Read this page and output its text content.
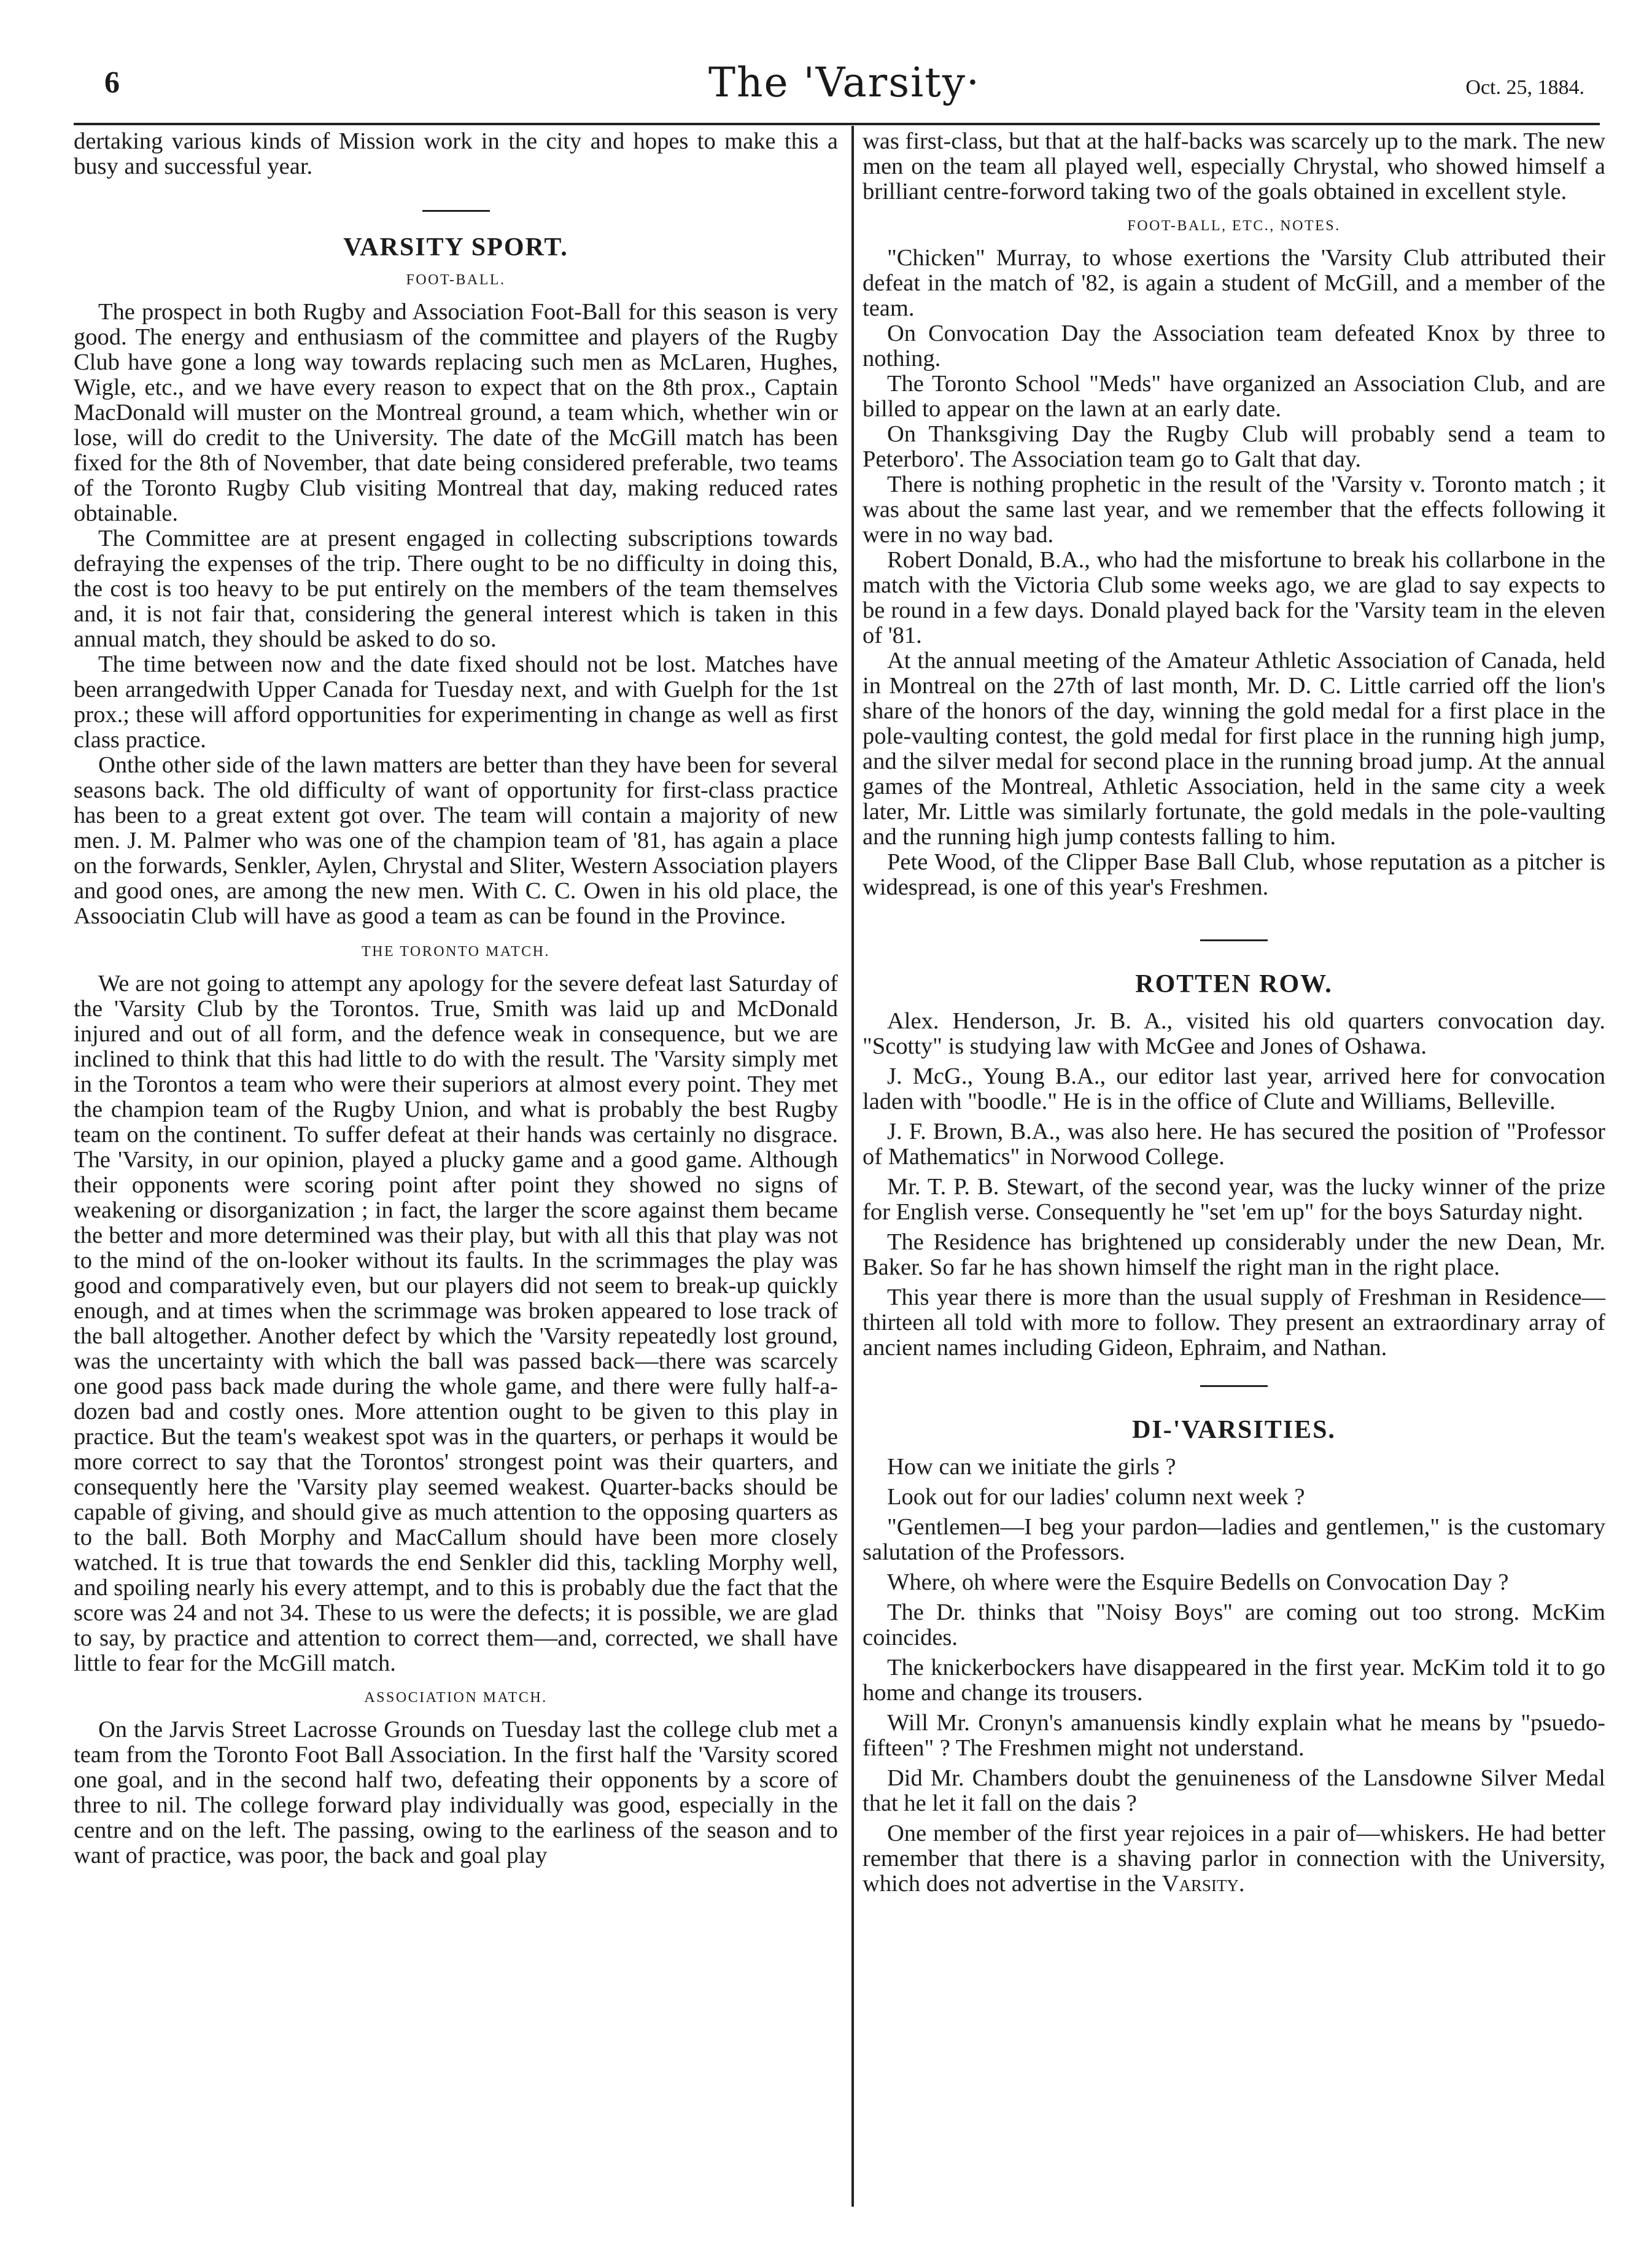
6	The 'Varsity·	Oct. 25, 1884.

dertaking various kinds of Mission work in the city and hopes to make this a busy and successful year.

VARSITY SPORT.
FOOT-BALL.

The prospect in both Rugby and Association Foot-Ball for this season is very good. The energy and enthusiasm of the committee and players of the Rugby Club have gone a long way towards replacing such men as McLaren, Hughes, Wigle, etc., and we have every reason to expect that on the 8th prox., Captain MacDonald will muster on the Montreal ground, a team which, whether win or lose, will do credit to the University. The date of the McGill match has been fixed for the 8th of November, that date being considered preferable, two teams of the Toronto Rugby Club visiting Montreal that day, making reduced rates obtainable.

The Committee are at present engaged in collecting subscriptions towards defraying the expenses of the trip. There ought to be no difficulty in doing this, the cost is too heavy to be put entirely on the members of the team themselves and, it is not fair that, considering the general interest which is taken in this annual match, they should be asked to do so.

The time between now and the date fixed should not be lost. Matches have been arrangedwith Upper Canada for Tuesday next, and with Guelph for the 1st prox.; these will afford opportunities for experimenting in change as well as first class practice.

Onthe other side of the lawn matters are better than they have been for several seasons back. The old difficulty of want of opportunity for first-class practice has been to a great extent got over. The team will contain a majority of new men. J. M. Palmer who was one of the champion team of '81, has again a place on the forwards, Senkler, Aylen, Chrystal and Sliter, Western Association players and good ones, are among the new men. With C. C. Owen in his old place, the Assoociatin Club will have as good a team as can be found in the Province.

THE TORONTO MATCH.

We are not going to attempt any apology for the severe defeat last Saturday of the 'Varsity Club by the Torontos. True, Smith was laid up and McDonald injured and out of all form, and the defence weak in consequence, but we are inclined to think that this had little to do with the result. The 'Varsity simply met in the Torontos a team who were their superiors at almost every point. They met the champion team of the Rugby Union, and what is probably the best Rugby team on the continent. To suffer defeat at their hands was certainly no disgrace. The 'Varsity, in our opinion, played a plucky game and a good game. Although their opponents were scoring point after point they showed no signs of weakening or disorganization ; in fact, the larger the score against them became the better and more determined was their play, but with all this that play was not to the mind of the on-looker without its faults. In the scrimmages the play was good and comparatively even, but our players did not seem to break-up quickly enough, and at times when the scrimmage was broken appeared to lose track of the ball altogether. Another defect by which the 'Varsity repeatedly lost ground, was the uncertainty with which the ball was passed back—there was scarcely one good pass back made during the whole game, and there were fully half-a-dozen bad and costly ones. More attention ought to be given to this play in practice. But the team's weakest spot was in the quarters, or perhaps it would be more correct to say that the Torontos' strongest point was their quarters, and consequently here the 'Varsity play seemed weakest. Quarter-backs should be capable of giving, and should give as much attention to the opposing quarters as to the ball. Both Morphy and MacCallum should have been more closely watched. It is true that towards the end Senkler did this, tackling Morphy well, and spoiling nearly his every attempt, and to this is probably due the fact that the score was 24 and not 34. These to us were the defects; it is possible, we are glad to say, by practice and attention to correct them—and, corrected, we shall have little to fear for the McGill match.

ASSOCIATION MATCH.

On the Jarvis Street Lacrosse Grounds on Tuesday last the college club met a team from the Toronto Foot Ball Association. In the first half the 'Varsity scored one goal, and in the second half two, defeating their opponents by a score of three to nil. The college forward play individually was good, especially in the centre and on the left. The passing, owing to the earliness of the season and to want of practice, was poor, the back and goal play

was first-class, but that at the half-backs was scarcely up to the mark. The new men on the team all played well, especially Chrystal, who showed himself a brilliant centre-forword taking two of the goals obtained in excellent style.

FOOT-BALL, ETC., NOTES.

"Chicken" Murray, to whose exertions the 'Varsity Club attributed their defeat in the match of '82, is again a student of McGill, and a member of the team.

On Convocation Day the Association team defeated Knox by three to nothing.

The Toronto School "Meds" have organized an Association Club, and are billed to appear on the lawn at an early date.

On Thanksgiving Day the Rugby Club will probably send a team to Peterboro'. The Association team go to Galt that day.

There is nothing prophetic in the result of the 'Varsity v. Toronto match ; it was about the same last year, and we remember that the effects following it were in no way bad.

Robert Donald, B.A., who had the misfortune to break his collarbone in the match with the Victoria Club some weeks ago, we are glad to say expects to be round in a few days. Donald played back for the 'Varsity team in the eleven of '81.

At the annual meeting of the Amateur Athletic Association of Canada, held in Montreal on the 27th of last month, Mr. D. C. Little carried off the lion's share of the honors of the day, winning the gold medal for a first place in the pole-vaulting contest, the gold medal for first place in the running high jump, and the silver medal for second place in the running broad jump. At the annual games of the Montreal, Athletic Association, held in the same city a week later, Mr. Little was similarly fortunate, the gold medals in the pole-vaulting and the running high jump contests falling to him.

Pete Wood, of the Clipper Base Ball Club, whose reputation as a pitcher is widespread, is one of this year's Freshmen.

ROTTEN ROW.

Alex. Henderson, Jr. B. A., visited his old quarters convocation day. "Scotty" is studying law with McGee and Jones of Oshawa.

J. McG., Young B.A., our editor last year, arrived here for convocation laden with "boodle." He is in the office of Clute and Williams, Belleville.

J. F. Brown, B.A., was also here. He has secured the position of "Professor of Mathematics" in Norwood College.

Mr. T. P. B. Stewart, of the second year, was the lucky winner of the prize for English verse. Consequently he "set 'em up" for the boys Saturday night.

The Residence has brightened up considerably under the new Dean, Mr. Baker. So far he has shown himself the right man in the right place.

This year there is more than the usual supply of Freshman in Residence—thirteen all told with more to follow. They present an extraordinary array of ancient names including Gideon, Ephraim, and Nathan.

DI-'VARSITIES.

How can we initiate the girls ?

Look out for our ladies' column next week ?

"Gentlemen—I beg your pardon—ladies and gentlemen," is the customary salutation of the Professors.

Where, oh where were the Esquire Bedells on Convocation Day ?

The Dr. thinks that "Noisy Boys" are coming out too strong. McKim coincides.

The knickerbockers have disappeared in the first year. McKim told it to go home and change its trousers.

Will Mr. Cronyn's amanuensis kindly explain what he means by "psuedo-fifteen" ? The Freshmen might not understand.

Did Mr. Chambers doubt the genuineness of the Lansdowne Silver Medal that he let it fall on the dais ?

One member of the first year rejoices in a pair of—whiskers. He had better remember that there is a shaving parlor in connection with the University, which does not advertise in the Varsity.
